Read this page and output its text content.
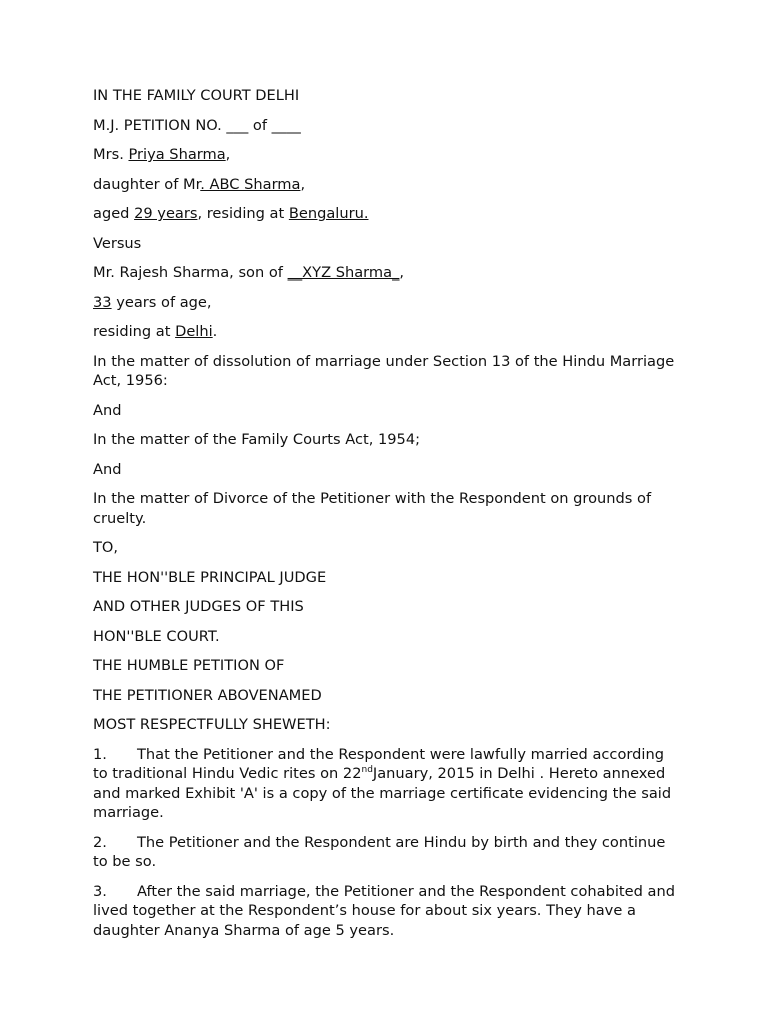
IN THE FAMILY COURT DELHI

M.J. PETITION NO. ___ of ____

Mrs. Priya Sharma,

daughter of Mr. ABC Sharma,

aged 29 years, residing at Bengaluru.

Versus

Mr. Rajesh Sharma, son of __XYZ Sharma_,

33 years of age,

residing at Delhi.

In the matter of dissolution of marriage under Section 13 of the Hindu Marriage Act, 1956:

And

In the matter of the Family Courts Act, 1954;

And

In the matter of Divorce of the Petitioner with the Respondent on grounds of cruelty.

TO,

THE HON''BLE PRINCIPAL JUDGE

AND OTHER JUDGES OF THIS

HON''BLE COURT.

THE HUMBLE PETITION OF

THE PETITIONER ABOVENAMED

MOST RESPECTFULLY SHEWETH:

1. That the Petitioner and the Respondent were lawfully married according to traditional Hindu Vedic rites on 22ndJanuary, 2015 in Delhi . Hereto annexed and marked Exhibit 'A' is a copy of the marriage certificate evidencing the said marriage.

2. The Petitioner and the Respondent are Hindu by birth and they continue to be so.

3. After the said marriage, the Petitioner and the Respondent cohabited and lived together at the Respondent’s house for about six years. They have a daughter Ananya Sharma of age 5 years.
